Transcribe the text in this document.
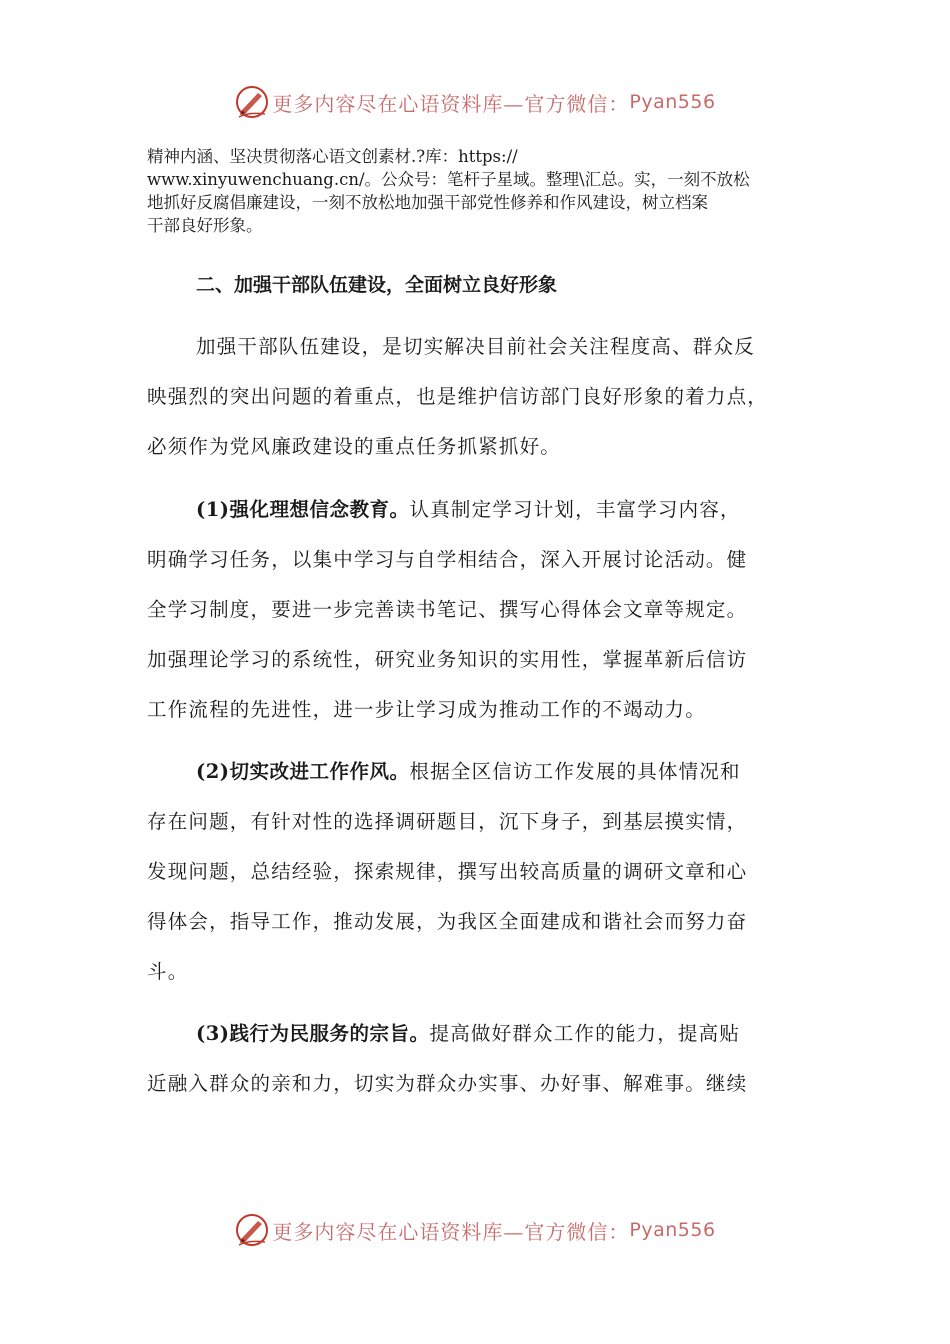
更多内容尽在心语资料库—官方微信： Pyan556
精神内涵、坚决贯彻落心语文创素材.?库：https://
www.xinyuwenchuang.cn/。公众号：笔杆子星域。整理\汇总。实，一刻不放松
地抓好反腐倡廉建设，一刻不放松地加强干部党性修养和作风建设，树立档案
干部良好形象。
二、加强干部队伍建设，全面树立良好形象
加强干部队伍建设，是切实解决目前社会关注程度高、群众反
映强烈的突出问题的着重点，也是维护信访部门良好形象的着力点，
必须作为党风廉政建设的重点任务抓紧抓好。
(1)强化理想信念教育。认真制定学习计划，丰富学习内容，
明确学习任务，以集中学习与自学相结合，深入开展讨论活动。健
全学习制度，要进一步完善读书笔记、撰写心得体会文章等规定。
加强理论学习的系统性，研究业务知识的实用性，掌握革新后信访
工作流程的先进性，进一步让学习成为推动工作的不竭动力。
(2)切实改进工作作风。根据全区信访工作发展的具体情况和
存在问题，有针对性的选择调研题目，沉下身子，到基层摸实情，
发现问题，总结经验，探索规律，撰写出较高质量的调研文章和心
得体会，指导工作，推动发展，为我区全面建成和谐社会而努力奋
斗。
(3)践行为民服务的宗旨。提高做好群众工作的能力，提高贴
近融入群众的亲和力，切实为群众办实事、办好事、解难事。继续
更多内容尽在心语资料库—官方微信： Pyan556
